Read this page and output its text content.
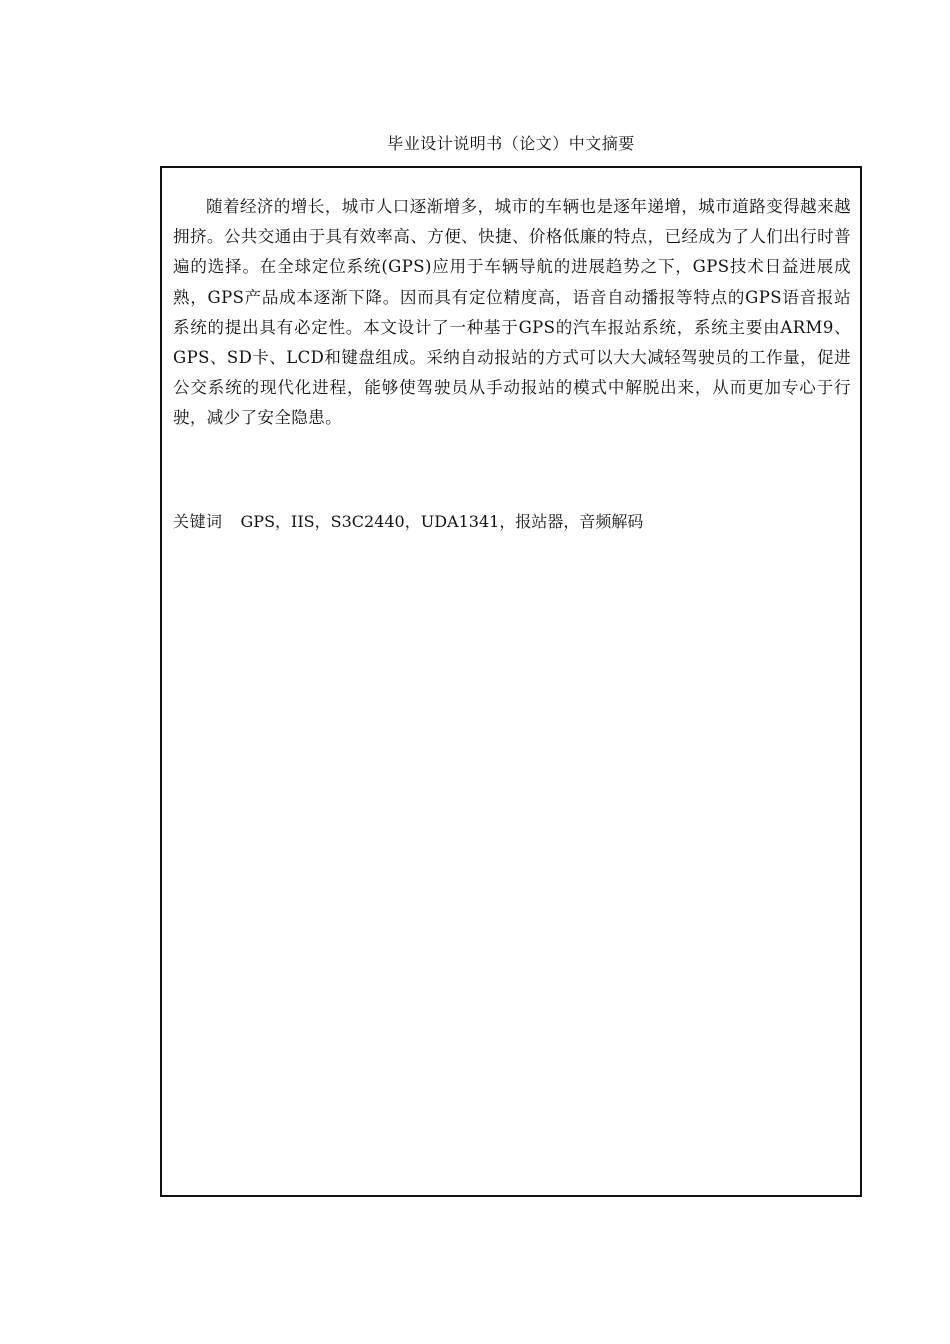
毕业设计说明书（论文）中文摘要

随着经济的增长，城市人口逐渐增多，城市的车辆也是逐年递增，城市道路变得越来越拥挤。公共交通由于具有效率高、方便、快捷、价格低廉的特点，已经成为了人们出行时普遍的选择。在全球定位系统(GPS)应用于车辆导航的进展趋势之下，GPS技术日益进展成熟，GPS产品成本逐渐下降。因而具有定位精度高，语音自动播报等特点的GPS语音报站系统的提出具有必定性。本文设计了一种基于GPS的汽车报站系统，系统主要由ARM9、GPS、SD卡、LCD和键盘组成。采纳自动报站的方式可以大大减轻驾驶员的工作量，促进公交系统的现代化进程，能够使驾驶员从手动报站的模式中解脱出来，从而更加专心于行驶，减少了安全隐患。

关键词 GPS，IIS，S3C2440，UDA1341，报站器，音频解码
